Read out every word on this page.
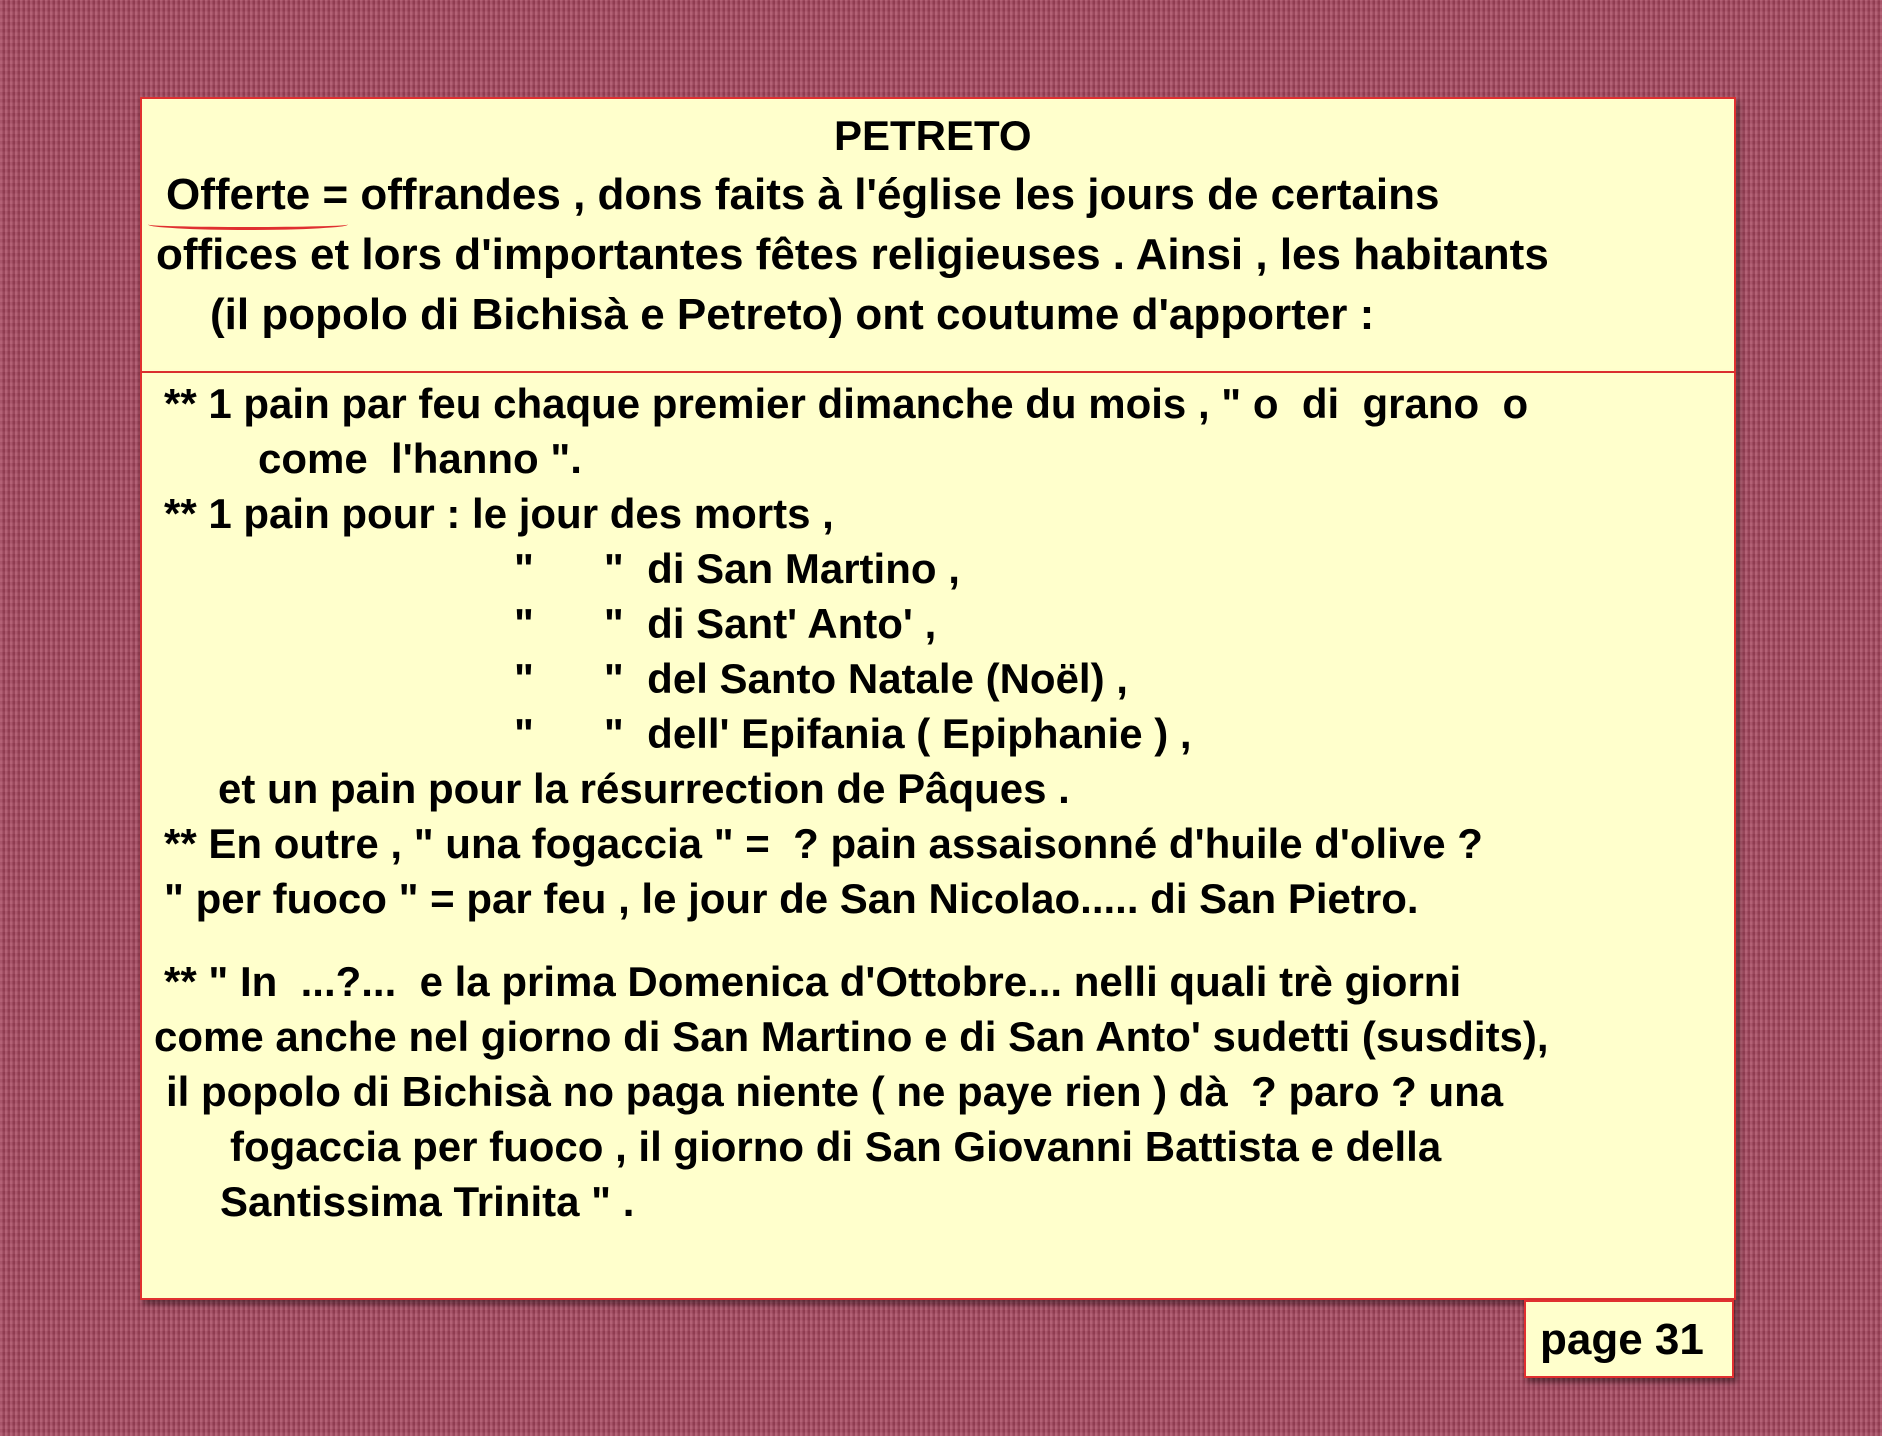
PETRETO
Offerte = offrandes , dons faits à l'église les jours de certains
offices et lors d'importantes fêtes religieuses . Ainsi , les habitants
(il popolo di Bichisà e Petreto) ont coutume d'apporter :
** 1 pain par feu chaque premier dimanche du mois , " o  di  grano  o
come  l'hanno ".
** 1 pain pour : le jour des morts ,
"      "  di San Martino ,
"      "  di Sant' Anto' ,
"      "  del Santo Natale (Noël) ,
"      "  dell' Epifania ( Epiphanie ) ,
et un pain pour la résurrection de Pâques .
** En outre , " una fogaccia " =  ? pain assaisonné d'huile d'olive ?
" per fuoco " = par feu , le jour de San Nicolao..... di San Pietro.
** " In  ...?...  e la prima Domenica d'Ottobre... nelli quali trè giorni
come anche nel giorno di San Martino e di San Anto' sudetti (susdits),
il popolo di Bichisà no paga niente ( ne paye rien ) dà  ? paro ? una
fogaccia per fuoco , il giorno di San Giovanni Battista e della
Santissima Trinita " .
page 31
